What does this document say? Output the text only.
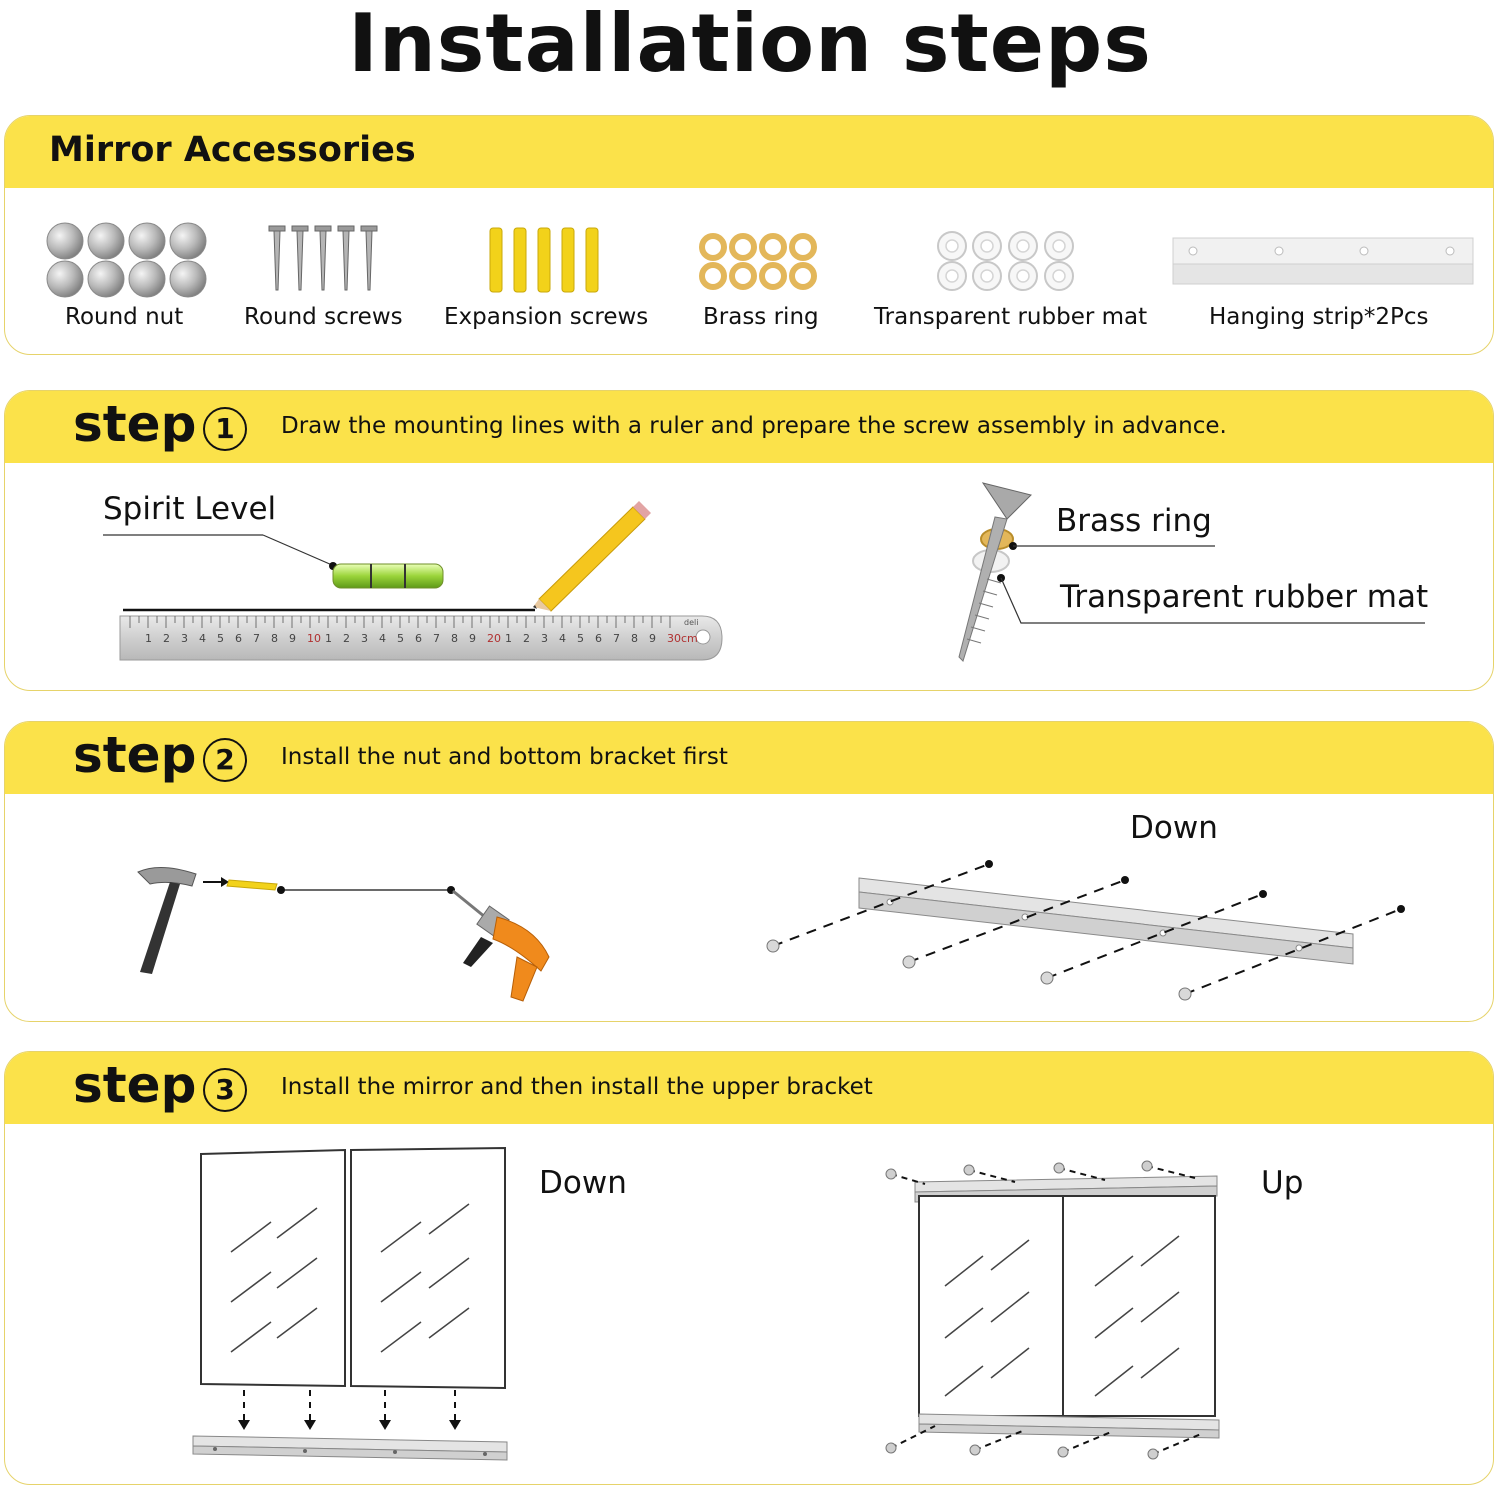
Installation steps
Mirror Accessories
Round nut	Round screws Expansion screws Brass ring Transparent rubber mat	Hanging strip*2Pcs
step 1	Draw the mounting lines with a ruler and prepare the screw assembly in advance.
Spirit Level
1 2 3 4 5 6 7 8 9 10 1 2 3 4 5 6 7 8 9 20 1 2 3 4 5 6 7 8 9 30cm
deli
Brass ring
Transparent rubber mat
step 2	Install the nut and bottom bracket first
Down
step 3	Install the mirror and then install the upper bracket
Down	Up
